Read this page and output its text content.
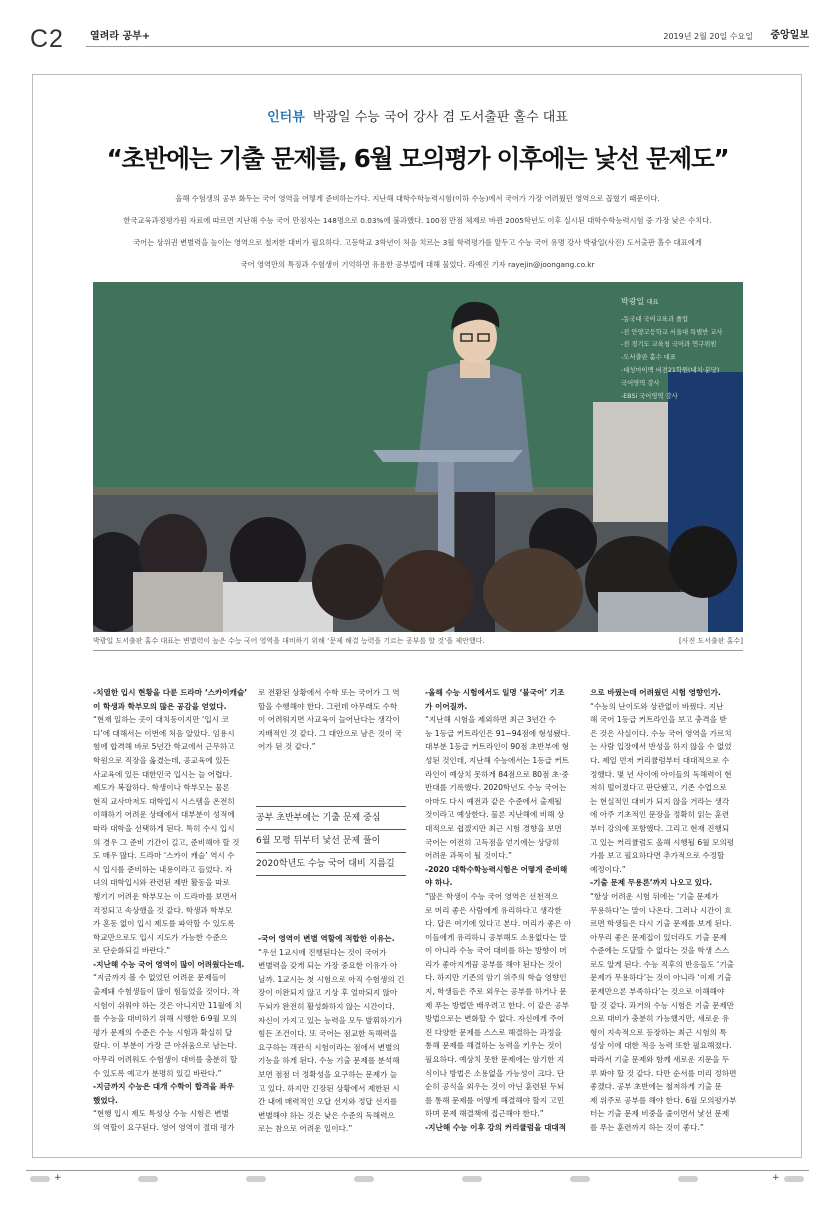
C2	열려라 공부+	2019년 2월 20일 수요일 중앙일보
인터뷰 박광일 수능 국어 강사 겸 도서출판 홀수 대표
“초반에는 기출 문제를, 6월 모의평가 이후에는 낯선 문제도”
올해 수험생의 공부 화두는 국어 영역을 어떻게 준비하는가다. 지난해 대학수학능력시험(이하 수능)에서 국어가 가장 어려웠던 영역으로 꼽혔기 때문이다.
한국교육과정평가원 자료에 따르면 지난해 수능 국어 만점자는 148명으로 0.03%에 불과했다. 100점 만점 체제로 바뀐 2005학년도 이후 실시된 대학수학능력시험 중 가장 낮은 수치다.
국어는 상위권 변별력을 높이는 영역으로 철저한 대비가 필요하다. 고등학교 3학년이 처음 치르는 3월 학력평가를 앞두고 수능 국어 유명 강사 박광일(사진) 도서출판 홀수 대표에게
국어 영역만의 특징과 수험생이 기억하면 유용한 공부법에 대해 물었다. 라예진 기자 rayejin@joongang.co.kr
박광일 대표
-동국대 국어교육과 졸업
-전 안양고등학교 서울대 특별반 교사
-전 경기도 교육청 국어과 연구위원
-도서출판 홀수 대표
-대성마이맥 비전21학원(대치·분당)
국어영역 강사
-EBSi 국어영역 강사
박광일 도서출판 홀수 대표는 변별력이 높은 수능 국어 영역을 대비하기 위해 ‘문제 해결 능력을 기르는 공부를 할 것’을 제안했다.	[사진 도서출판 홀수]
-치열한 입시 현황을 다룬 드라마 ‘스카이캐슬’
이 학생과 학부모의 많은 공감을 얻었다.
“현재 일하는 곳이 대치동이지만 ‘입시 코
디’에 대해서는 이번에 처음 알았다. 임용시
험에 합격해 바로 5년간 학교에서 근무하고
학원으로 직장을 옮겼는데, 공교육에 있든
사교육에 있든 대한민국 입시는 늘 어렵다.
제도가 복잡하다. 학생이나 학부모는 물론
현직 교사마저도 대학입시 시스템을 온전히
이해하기 어려운 상태에서 대부분이 성적에
따라 대학을 선택하게 된다. 특히 수시 입시
의 경우 그 준비 기간이 길고, 준비해야 할 것
도 매우 많다. 드라마 ‘스카이 캐슬’ 역시 수
시 입시를 준비하는 내용이라고 들었다. 자
녀의 대학입시와 관련된 제반 활동을 따로
챙기기 어려운 학부모는 이 드라마를 보면서
걱정되고 속상했을 것 같다. 학생과 학부모
가 혼동 없이 입시 제도를 파악할 수 있도록
학교만으로도 입시 지도가 가능한 수준으
로 단순화되길 바란다.”
-지난해 수능 국어 영역이 많이 어려웠다는데.
“지금까지 볼 수 없었던 어려운 문제들이
출제돼 수험생들이 많이 힘들었을 것이다. 작
시험이 쉬워야 하는 것은 아니지만 11월에 치
를 수능을 대비하기 위해 시행한 6·9월 모의
평가 문제의 수준은 수능 시험과 확실히 달
랐다. 이 부분이 가장 큰 아쉬움으로 남는다.
아무리 어려워도 수험생이 대비를 충분히 할
수 있도록 예고가 분명히 있길 바란다.”
-지금까지 수능은 대개 수학이 합격을 좌우
했었다.
“현행 입시 제도 특성상 수능 시험은 변별
의 역할이 요구된다. 영어 영역이 절대 평가
로 전환된 상황에서 수학 또는 국어가 그 역
할을 수행해야 한다. 그런데 아무래도 수학
이 어려워지면 사교육이 늘어난다는 생각이
지배적인 것 같다. 그 대안으로 남은 것이 국
어가 된 것 같다.”
공부 초반부에는 기출 문제 중심
6월 모평 뒤부터 낯선 문제 풀이
2020학년도 수능 국어 대비 지름길
-국어 영역이 변별 역할에 적합한 이유는.
“우선 1교시에 진행된다는 것이 국어가
변별력을 갖게 되는 가장 중요한 이유가 아
닐까. 1교시는 첫 시험으로 아직 수험생의 긴
장이 이완되지 않고 기상 후 얼마되지 않아
두뇌가 완전히 활성화하지 않는 시간이다.
자신이 가지고 있는 능력을 모두 발휘하기가
힘든 조건이다. 또 국어는 점교한 독해력을
요구하는 객관식 시험이라는 점에서 변별의
기능을 하게 된다. 수능 기출 문제를 분석해
보면 점점 더 정확성을 요구하는 문제가 늘
고 있다. 하지만 긴장된 상황에서 제한된 시
간 내에 매력적인 오답 선지와 정답 선지를
변별해야 하는 것은 낮은 수준의 독해력으
로는 참으로 어려운 일이다.”
-올해 수능 시험에서도 일명 ‘불국어’ 기조
가 이어질까.
“지난해 시험을 제외하면 최근 3년간 수
능 1등급 커트라인은 91~94점에 형성됐다.
대부분 1등급 커트라인이 90점 초반부에 형
성된 것인데, 지난해 수능에서는 1등급 커트
라인이 예상치 못하게 84점으로 80점 초·중
반대를 기록했다. 2020학년도 수능 국어는
아마도 다시 예전과 같은 수준에서 출제될
것이라고 예상한다. 물론 지난해에 비해 상
대적으로 쉽겠지만 최근 시험 경향을 보면
국어는 여전히 고득점을 얻기에는 상당히
어려운 과목이 될 것이다.”
-2020 대학수학능력시험은 어떻게 준비해
야 하나.
“많은 학생이 수능 국어 영역은 선천적으
로 머리 좋은 사람에게 유리하다고 생각한
다. 답은 여기에 있다고 본다. 머리가 좋은 아
이들에게 유리하니 공부해도 소용없다는 말
이 아니라 수능 국어 대비를 하는 방향이 머
리가 좋아지게끔 공부를 해야 된다는 것이
다. 하지만 기존의 암기 위주의 학습 영향인
지, 학생들은 주로 외우는 공부를 하거나 문
제 푸는 방법만 배우려고 한다. 이 같은 공부
방법으로는 변화할 수 없다. 자신에게 주어
진 다양한 문제를 스스로 해결하는 과정을
통해 문제를 해결하는 능력을 키우는 것이
필요하다. 예상치 못한 문제에는 암기한 지
식이나 방법은 소용없을 가능성이 크다. 단
순히 공식을 외우는 것이 아닌 훈련된 두뇌
를 통해 문제를 어떻게 해결해야 할지 고민
하며 문제 해결책에 접근해야 한다.”
-지난해 수능 이후 강의 커리큘럼을 대대적
으로 바꿨는데 어려웠던 시험 영향인가.
“수능의 난이도와 상관없이 바꿨다. 지난
해 국어 1등급 커트라인을 보고 충격을 받
은 것은 사실이다. 수능 국어 영역을 가르치
는 사람 입장에서 반성을 하지 않을 수 없었
다. 제일 먼저 커리큘럼부터 대대적으로 수
정했다. 몇 년 사이에 아이들의 독해력이 현
저히 떨어졌다고 판단됐고, 기존 수업으로
는 현실적인 대비가 되지 않을 거라는 생각
에 아주 기초적인 문장을 정확히 읽는 훈련
부터 강의에 포함했다. 그리고 현재 진행되
고 있는 커리큘럼도 올해 시행될 6월 모의평
가를 보고 필요하다면 추가적으로 수정할
예정이다.”
-기출 문제 무용론’까지 나오고 있다.
“항상 어려운 시험 뒤에는 ‘기출 문제가
무용하다’는 말이 나온다. 그러나 시간이 흐
르면 학생들은 다시 기출 문제를 보게 된다.
아무리 좋은 문제집이 있더라도 기출 문제
수준에는 도달할 수 없다는 것을 학생 스스
로도 알게 된다. 수능 직후의 반응들도 ‘기출
문제가 무용하다’는 것이 아니라 ‘이제 기출
문제만으론 부족하다’는 것으로 이해해야
할 것 같다. 과거의 수능 시험은 기출 문제만
으로 대비가 충분히 가능했지만, 새로운 유
형이 지속적으로 등장하는 최근 시험의 특
성상 이에 대한 적응 능력 또한 필요해졌다.
따라서 기출 문제와 함께 새로운 지문을 두
루 봐야 할 것 같다. 다만 순서를 미리 정하면
좋겠다. 공부 초반에는 철저하게 기출 문
제 위주로 공부를 해야 한다. 6월 모의평가부
터는 기출 문제 비중을 줄이면서 낯선 문제
를 푸는 훈련까지 하는 것이 좋다.”
+	+
